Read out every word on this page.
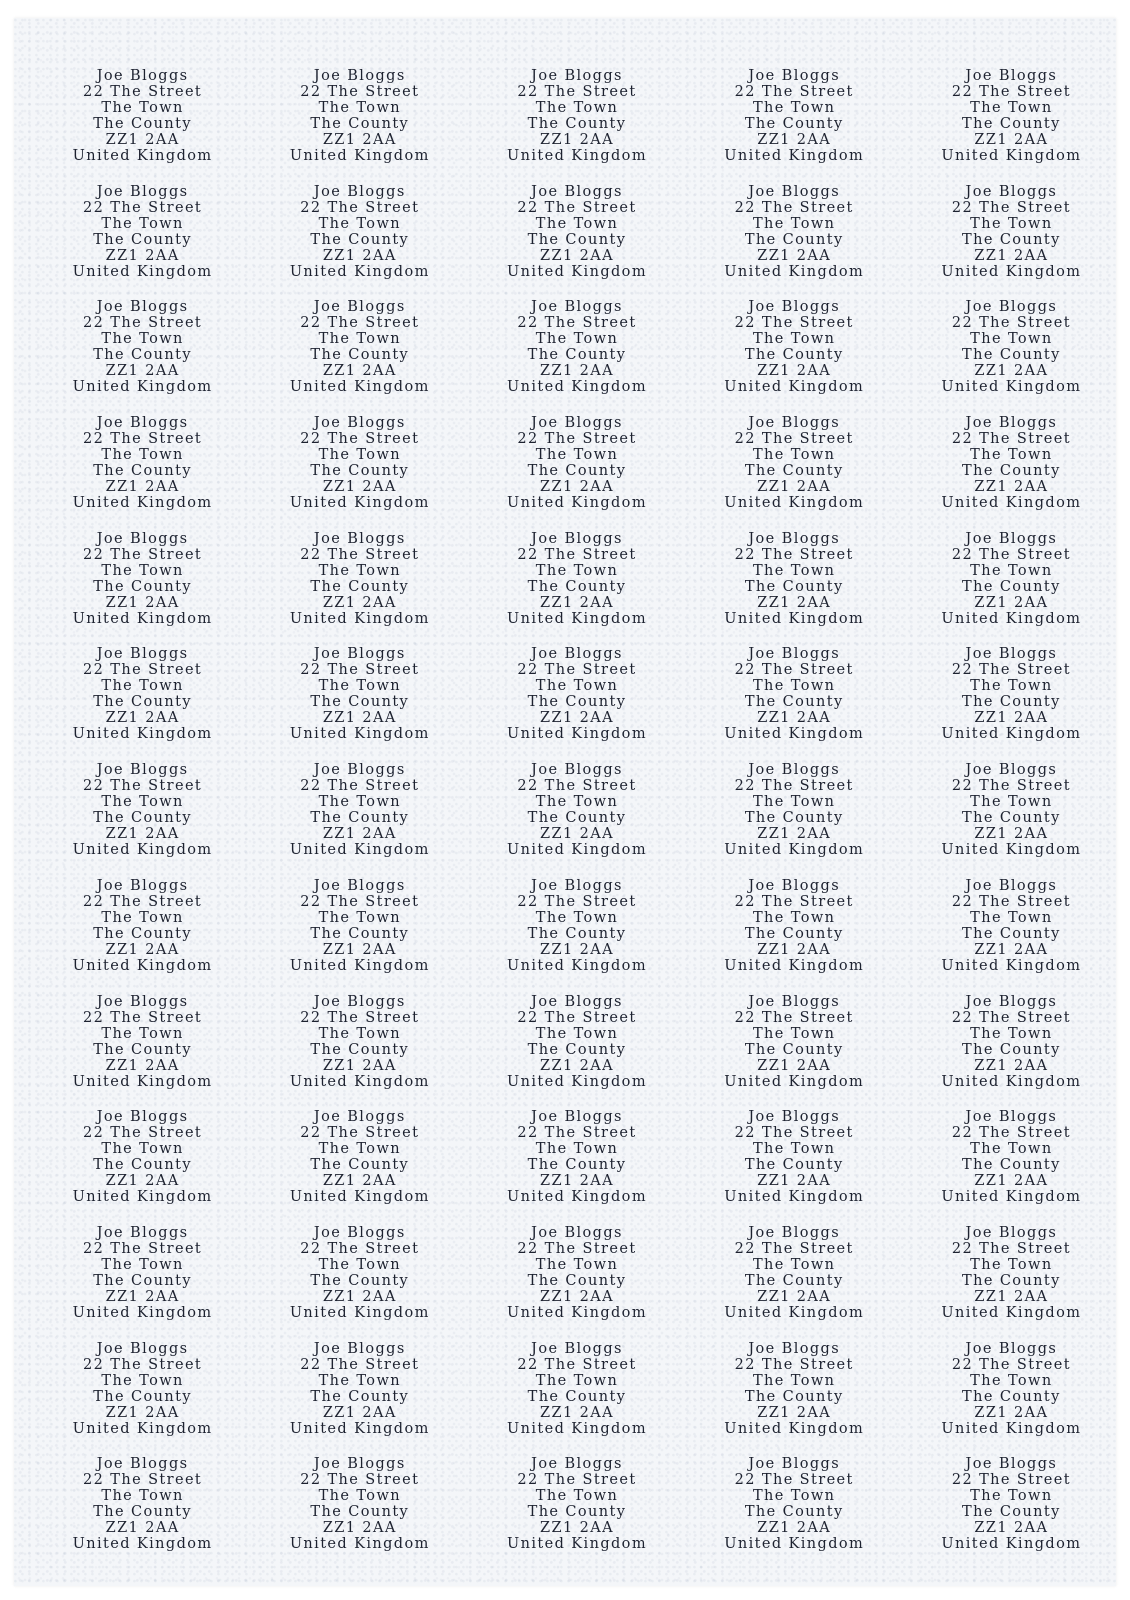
Joe Bloggs
22 The Street
The Town
The County
ZZ1 2AA
United Kingdom
Joe Bloggs
22 The Street
The Town
The County
ZZ1 2AA
United Kingdom
Joe Bloggs
22 The Street
The Town
The County
ZZ1 2AA
United Kingdom
Joe Bloggs
22 The Street
The Town
The County
ZZ1 2AA
United Kingdom
Joe Bloggs
22 The Street
The Town
The County
ZZ1 2AA
United Kingdom
Joe Bloggs
22 The Street
The Town
The County
ZZ1 2AA
United Kingdom
Joe Bloggs
22 The Street
The Town
The County
ZZ1 2AA
United Kingdom
Joe Bloggs
22 The Street
The Town
The County
ZZ1 2AA
United Kingdom
Joe Bloggs
22 The Street
The Town
The County
ZZ1 2AA
United Kingdom
Joe Bloggs
22 The Street
The Town
The County
ZZ1 2AA
United Kingdom
Joe Bloggs
22 The Street
The Town
The County
ZZ1 2AA
United Kingdom
Joe Bloggs
22 The Street
The Town
The County
ZZ1 2AA
United Kingdom
Joe Bloggs
22 The Street
The Town
The County
ZZ1 2AA
United Kingdom
Joe Bloggs
22 The Street
The Town
The County
ZZ1 2AA
United Kingdom
Joe Bloggs
22 The Street
The Town
The County
ZZ1 2AA
United Kingdom
Joe Bloggs
22 The Street
The Town
The County
ZZ1 2AA
United Kingdom
Joe Bloggs
22 The Street
The Town
The County
ZZ1 2AA
United Kingdom
Joe Bloggs
22 The Street
The Town
The County
ZZ1 2AA
United Kingdom
Joe Bloggs
22 The Street
The Town
The County
ZZ1 2AA
United Kingdom
Joe Bloggs
22 The Street
The Town
The County
ZZ1 2AA
United Kingdom
Joe Bloggs
22 The Street
The Town
The County
ZZ1 2AA
United Kingdom
Joe Bloggs
22 The Street
The Town
The County
ZZ1 2AA
United Kingdom
Joe Bloggs
22 The Street
The Town
The County
ZZ1 2AA
United Kingdom
Joe Bloggs
22 The Street
The Town
The County
ZZ1 2AA
United Kingdom
Joe Bloggs
22 The Street
The Town
The County
ZZ1 2AA
United Kingdom
Joe Bloggs
22 The Street
The Town
The County
ZZ1 2AA
United Kingdom
Joe Bloggs
22 The Street
The Town
The County
ZZ1 2AA
United Kingdom
Joe Bloggs
22 The Street
The Town
The County
ZZ1 2AA
United Kingdom
Joe Bloggs
22 The Street
The Town
The County
ZZ1 2AA
United Kingdom
Joe Bloggs
22 The Street
The Town
The County
ZZ1 2AA
United Kingdom
Joe Bloggs
22 The Street
The Town
The County
ZZ1 2AA
United Kingdom
Joe Bloggs
22 The Street
The Town
The County
ZZ1 2AA
United Kingdom
Joe Bloggs
22 The Street
The Town
The County
ZZ1 2AA
United Kingdom
Joe Bloggs
22 The Street
The Town
The County
ZZ1 2AA
United Kingdom
Joe Bloggs
22 The Street
The Town
The County
ZZ1 2AA
United Kingdom
Joe Bloggs
22 The Street
The Town
The County
ZZ1 2AA
United Kingdom
Joe Bloggs
22 The Street
The Town
The County
ZZ1 2AA
United Kingdom
Joe Bloggs
22 The Street
The Town
The County
ZZ1 2AA
United Kingdom
Joe Bloggs
22 The Street
The Town
The County
ZZ1 2AA
United Kingdom
Joe Bloggs
22 The Street
The Town
The County
ZZ1 2AA
United Kingdom
Joe Bloggs
22 The Street
The Town
The County
ZZ1 2AA
United Kingdom
Joe Bloggs
22 The Street
The Town
The County
ZZ1 2AA
United Kingdom
Joe Bloggs
22 The Street
The Town
The County
ZZ1 2AA
United Kingdom
Joe Bloggs
22 The Street
The Town
The County
ZZ1 2AA
United Kingdom
Joe Bloggs
22 The Street
The Town
The County
ZZ1 2AA
United Kingdom
Joe Bloggs
22 The Street
The Town
The County
ZZ1 2AA
United Kingdom
Joe Bloggs
22 The Street
The Town
The County
ZZ1 2AA
United Kingdom
Joe Bloggs
22 The Street
The Town
The County
ZZ1 2AA
United Kingdom
Joe Bloggs
22 The Street
The Town
The County
ZZ1 2AA
United Kingdom
Joe Bloggs
22 The Street
The Town
The County
ZZ1 2AA
United Kingdom
Joe Bloggs
22 The Street
The Town
The County
ZZ1 2AA
United Kingdom
Joe Bloggs
22 The Street
The Town
The County
ZZ1 2AA
United Kingdom
Joe Bloggs
22 The Street
The Town
The County
ZZ1 2AA
United Kingdom
Joe Bloggs
22 The Street
The Town
The County
ZZ1 2AA
United Kingdom
Joe Bloggs
22 The Street
The Town
The County
ZZ1 2AA
United Kingdom
Joe Bloggs
22 The Street
The Town
The County
ZZ1 2AA
United Kingdom
Joe Bloggs
22 The Street
The Town
The County
ZZ1 2AA
United Kingdom
Joe Bloggs
22 The Street
The Town
The County
ZZ1 2AA
United Kingdom
Joe Bloggs
22 The Street
The Town
The County
ZZ1 2AA
United Kingdom
Joe Bloggs
22 The Street
The Town
The County
ZZ1 2AA
United Kingdom
Joe Bloggs
22 The Street
The Town
The County
ZZ1 2AA
United Kingdom
Joe Bloggs
22 The Street
The Town
The County
ZZ1 2AA
United Kingdom
Joe Bloggs
22 The Street
The Town
The County
ZZ1 2AA
United Kingdom
Joe Bloggs
22 The Street
The Town
The County
ZZ1 2AA
United Kingdom
Joe Bloggs
22 The Street
The Town
The County
ZZ1 2AA
United Kingdom
